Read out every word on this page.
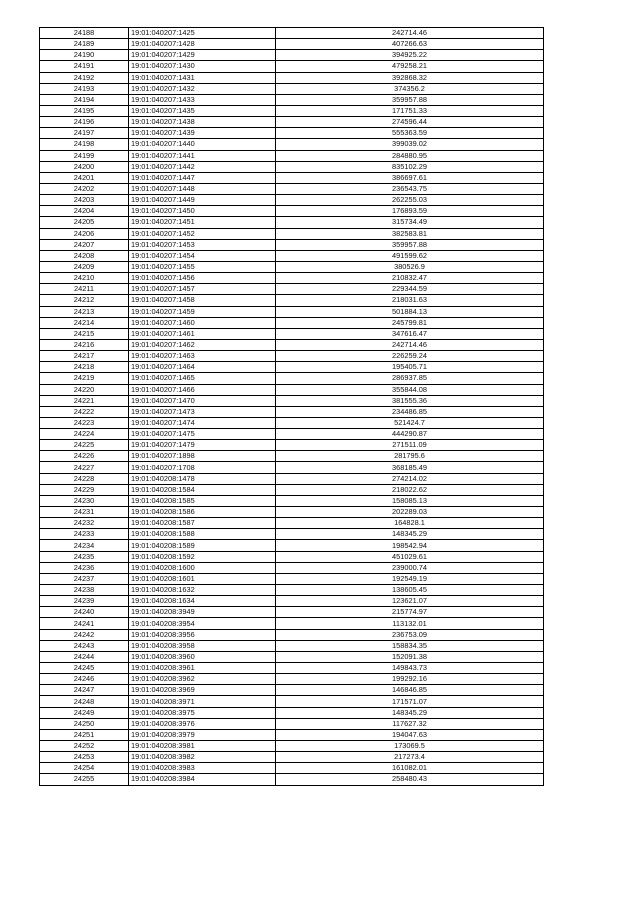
24188	19:01:040207:1425	242714.46
24189	19:01:040207:1428	407266.63
24190	19:01:040207:1429	394925.22
24191	19:01:040207:1430	479258.21
24192	19:01:040207:1431	392868.32
24193	19:01:040207:1432	374356.2
24194	19:01:040207:1433	359957.88
24195	19:01:040207:1435	171751.33
24196	19:01:040207:1438	274596.44
24197	19:01:040207:1439	555363.59
24198	19:01:040207:1440	399039.02
24199	19:01:040207:1441	284880.95
24200	19:01:040207:1442	835102.29
24201	19:01:040207:1447	386697.61
24202	19:01:040207:1448	236543.75
24203	19:01:040207:1449	262255.03
24204	19:01:040207:1450	176893.59
24205	19:01:040207:1451	315734.49
24206	19:01:040207:1452	382583.81
24207	19:01:040207:1453	359957.88
24208	19:01:040207:1454	491599.62
24209	19:01:040207:1455	380526.9
24210	19:01:040207:1456	210832.47
24211	19:01:040207:1457	229344.59
24212	19:01:040207:1458	218031.63
24213	19:01:040207:1459	501884.13
24214	19:01:040207:1460	245799.81
24215	19:01:040207:1461	347616.47
24216	19:01:040207:1462	242714.46
24217	19:01:040207:1463	226259.24
24218	19:01:040207:1464	195405.71
24219	19:01:040207:1465	286937.85
24220	19:01:040207:1466	355844.08
24221	19:01:040207:1470	381555.36
24222	19:01:040207:1473	234486.85
24223	19:01:040207:1474	521424.7
24224	19:01:040207:1475	444290.87
24225	19:01:040207:1479	271511.09
24226	19:01:040207:1898	281795.6
24227	19:01:040207:1708	368185.49
24228	19:01:040208:1478	274214.02
24229	19:01:040208:1584	218022.62
24230	19:01:040208:1585	158085.13
24231	19:01:040208:1586	202289.03
24232	19:01:040208:1587	164828.1
24233	19:01:040208:1588	148345.29
24234	19:01:040208:1589	198542.94
24235	19:01:040208:1592	451029.61
24236	19:01:040208:1600	239000.74
24237	19:01:040208:1601	192549.19
24238	19:01:040208:1632	138605.45
24239	19:01:040208:1634	123621.07
24240	19:01:040208:3949	215774.97
24241	19:01:040208:3954	113132.01
24242	19:01:040208:3956	236753.09
24243	19:01:040208:3958	158834.35
24244	19:01:040208:3960	152091.38
24245	19:01:040208:3961	149843.73
24246	19:01:040208:3962	199292.16
24247	19:01:040208:3969	146846.85
24248	19:01:040208:3971	171571.07
24249	19:01:040208:3975	148345.29
24250	19:01:040208:3976	117627.32
24251	19:01:040208:3979	194047.63
24252	19:01:040208:3981	173069.5
24253	19:01:040208:3982	217273.4
24254	19:01:040208:3983	161082.01
24255	19:01:040208:3984	258480.43
